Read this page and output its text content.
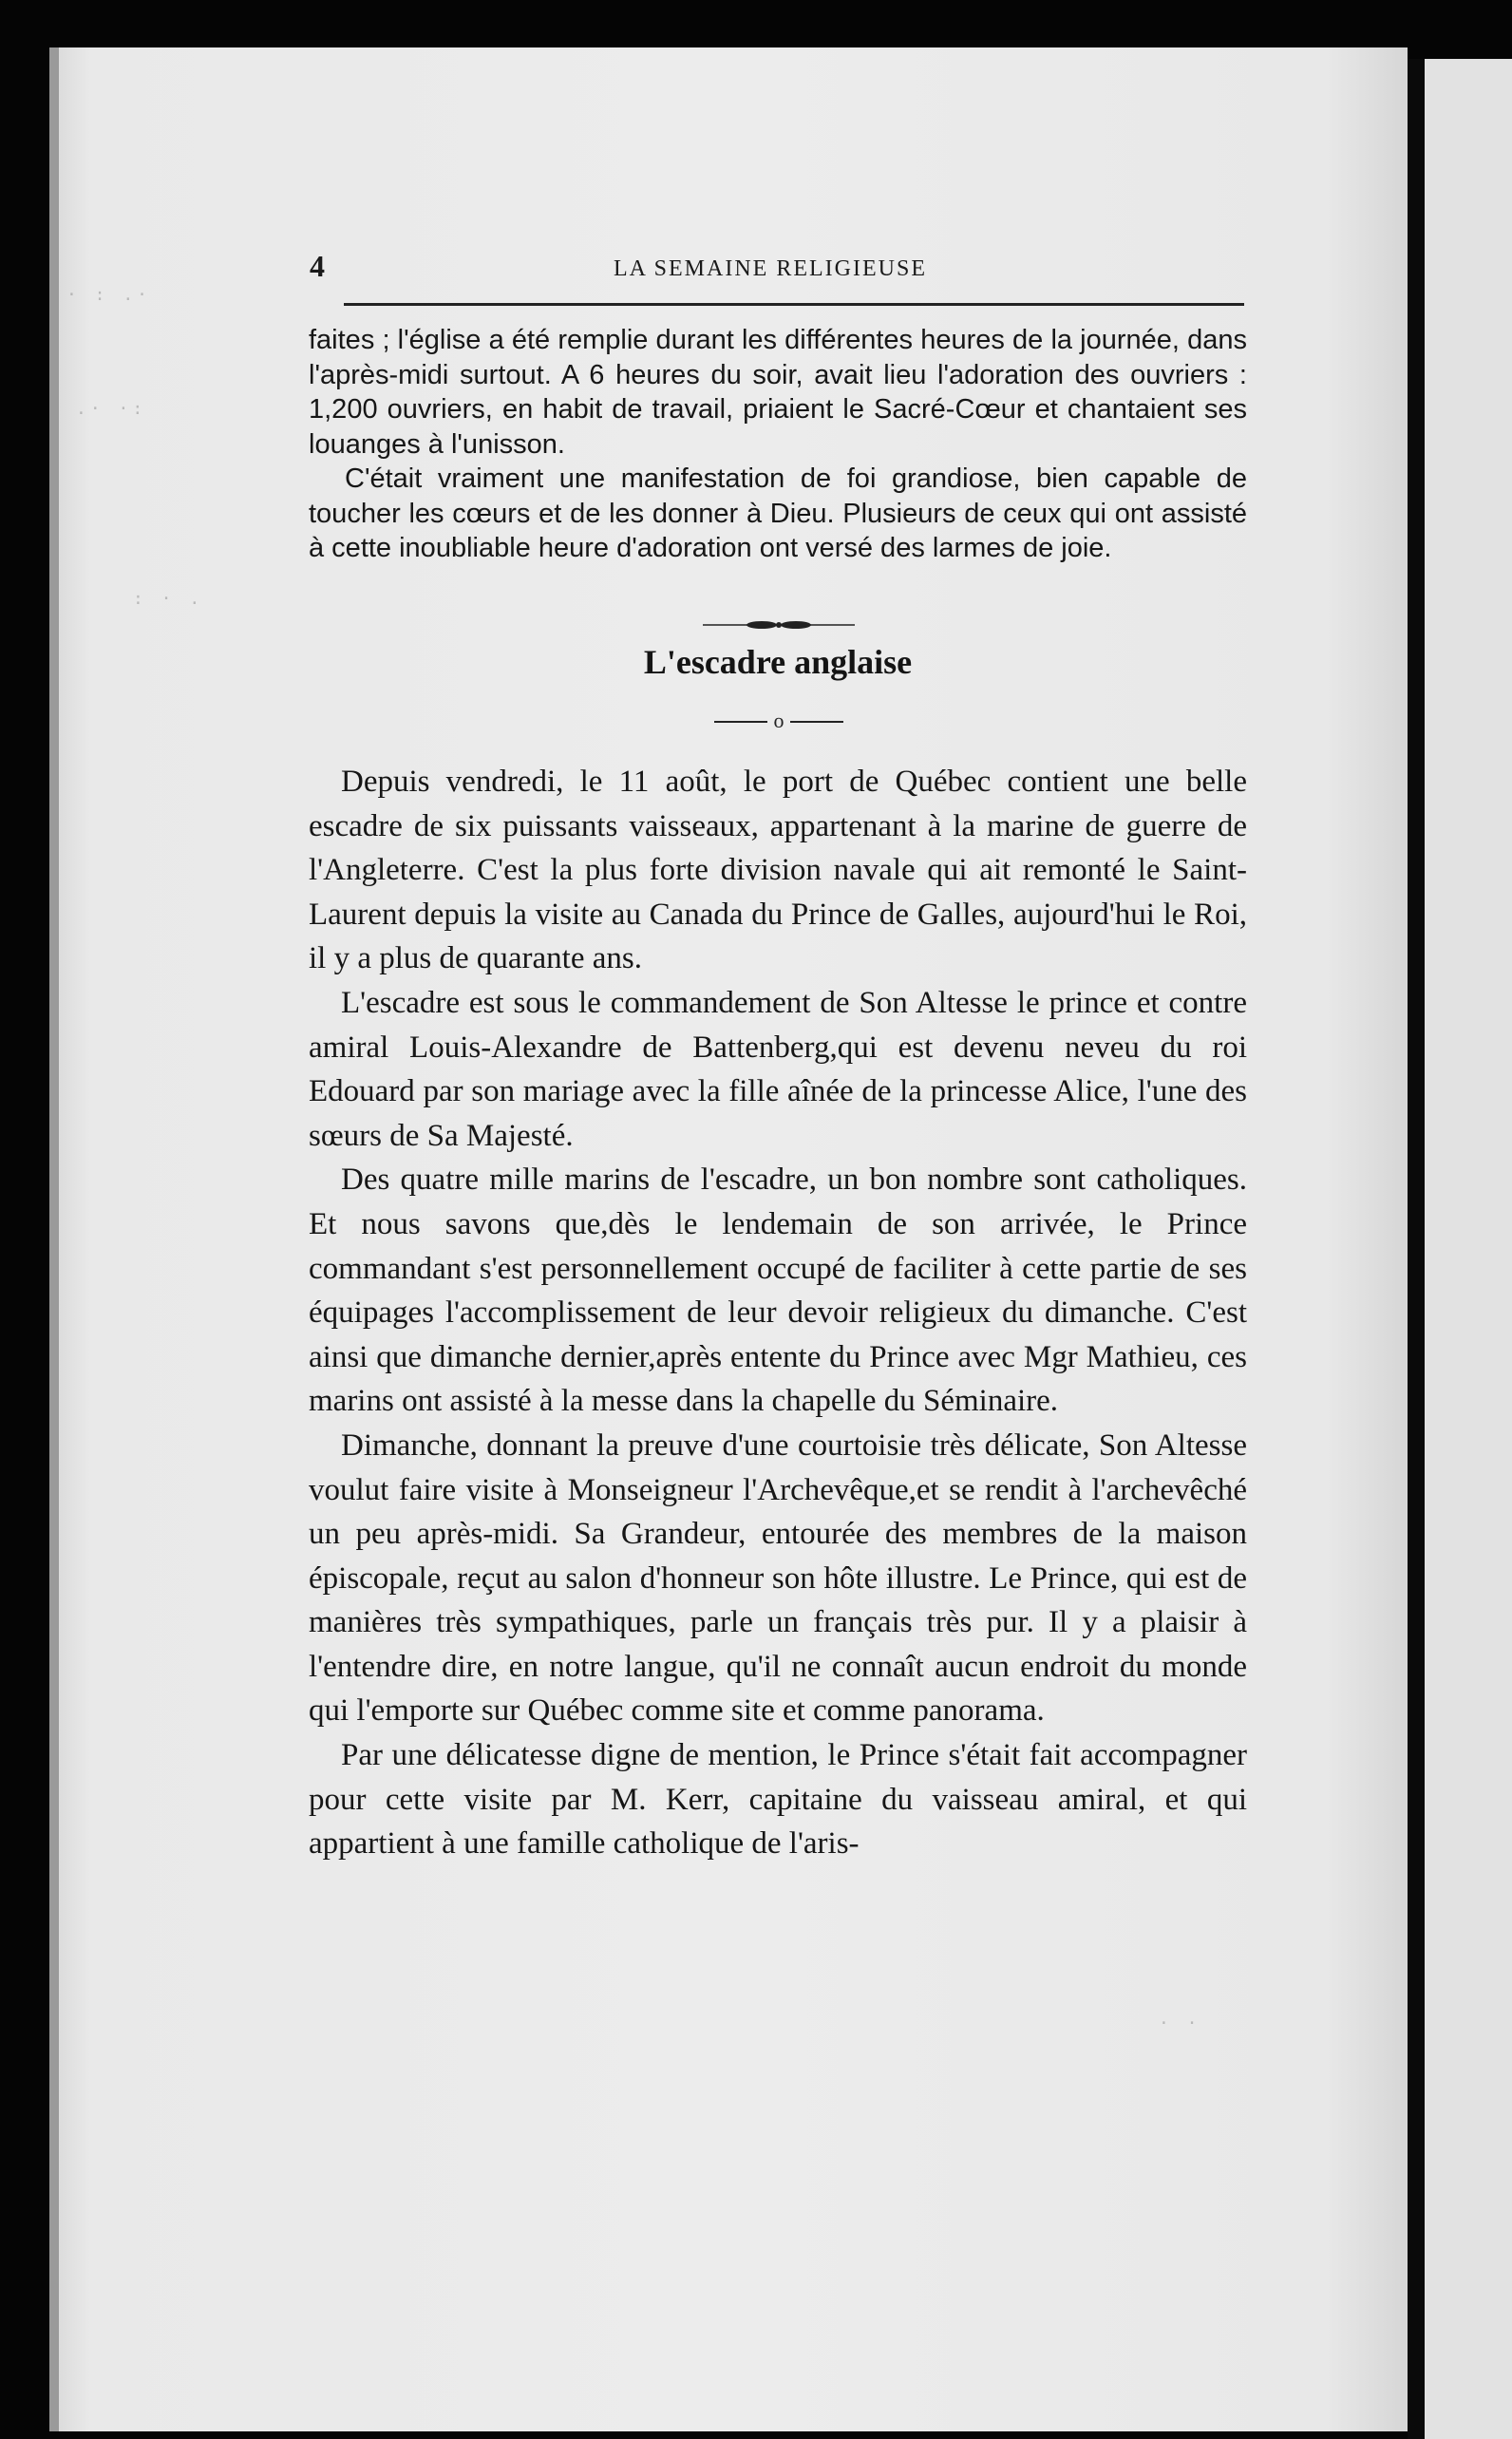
· : .·
.· ·:
: · .
· ·
4	LA SEMAINE RELIGIEUSE

faites ; l'église a été remplie durant les différentes heures de la journée, dans l'après-midi surtout. A 6 heures du soir, avait lieu l'adoration des ouvriers : 1,200 ouvriers, en habit de travail, priaient le Sacré-Cœur et chantaient ses louanges à l'unisson.

C'était vraiment une manifestation de foi grandiose, bien capable de toucher les cœurs et de les donner à Dieu. Plusieurs de ceux qui ont assisté à cette inoubliable heure d'adoration ont versé des larmes de joie.

L'escadre anglaise
o

Depuis vendredi, le 11 août, le port de Québec contient une belle escadre de six puissants vaisseaux, appartenant à la marine de guerre de l'Angleterre. C'est la plus forte division navale qui ait remonté le Saint-Laurent depuis la visite au Canada du Prince de Galles, aujourd'hui le Roi, il y a plus de quarante ans.

L'escadre est sous le commandement de Son Altesse le prince et contre amiral Louis-Alexandre de Battenberg,qui est devenu neveu du roi Edouard par son mariage avec la fille aînée de la princesse Alice, l'une des sœurs de Sa Majesté.

Des quatre mille marins de l'escadre, un bon nombre sont catholiques. Et nous savons que,dès le lendemain de son arrivée, le Prince commandant s'est personnellement occupé de faciliter à cette partie de ses équipages l'accomplissement de leur devoir religieux du dimanche. C'est ainsi que dimanche dernier,après entente du Prince avec Mgr Mathieu, ces marins ont assisté à la messe dans la chapelle du Séminaire.

Dimanche, donnant la preuve d'une courtoisie très délicate, Son Altesse voulut faire visite à Monseigneur l'Archevêque,et se rendit à l'archevêché un peu après-midi. Sa Grandeur, entourée des membres de la maison épiscopale, reçut au salon d'honneur son hôte illustre. Le Prince, qui est de manières très sympathiques, parle un français très pur. Il y a plaisir à l'entendre dire, en notre langue, qu'il ne connaît aucun endroit du monde qui l'emporte sur Québec comme site et comme panorama.

Par une délicatesse digne de mention, le Prince s'était fait accompagner pour cette visite par M. Kerr, capitaine du vaisseau amiral, et qui appartient à une famille catholique de l'aris-
